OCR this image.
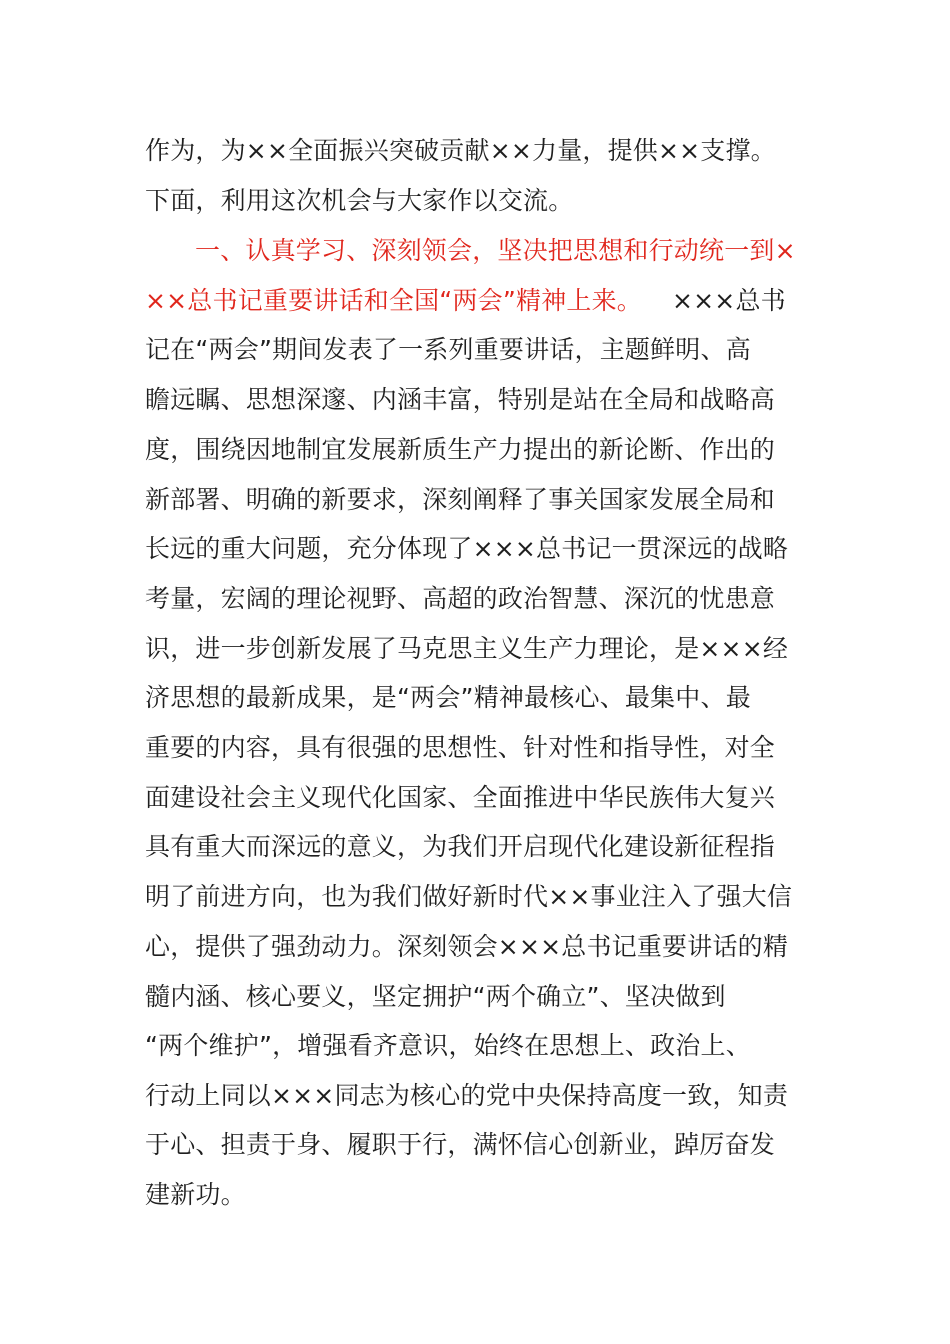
作为，为××全面振兴突破贡献××力量，提供××支撑。
下面，利用这次机会与大家作以交流。
一、认真学习、深刻领会，坚决把思想和行动统一到×
××总书记重要讲话和全国“两会”精神上来。 ×××总书
记在“两会”期间发表了一系列重要讲话，主题鲜明、高
瞻远瞩、思想深邃、内涵丰富，特别是站在全局和战略高
度，围绕因地制宜发展新质生产力提出的新论断、作出的
新部署、明确的新要求，深刻阐释了事关国家发展全局和
长远的重大问题，充分体现了×××总书记一贯深远的战略
考量，宏阔的理论视野、高超的政治智慧、深沉的忧患意
识，进一步创新发展了马克思主义生产力理论，是×××经
济思想的最新成果，是“两会”精神最核心、最集中、最
重要的内容，具有很强的思想性、针对性和指导性，对全
面建设社会主义现代化国家、全面推进中华民族伟大复兴
具有重大而深远的意义，为我们开启现代化建设新征程指
明了前进方向，也为我们做好新时代××事业注入了强大信
心，提供了强劲动力。深刻领会×××总书记重要讲话的精
髓内涵、核心要义，坚定拥护“两个确立”、坚决做到
“两个维护”，增强看齐意识，始终在思想上、政治上、
行动上同以×××同志为核心的党中央保持高度一致，知责
于心、担责于身、履职于行，满怀信心创新业，踔厉奋发
建新功。
